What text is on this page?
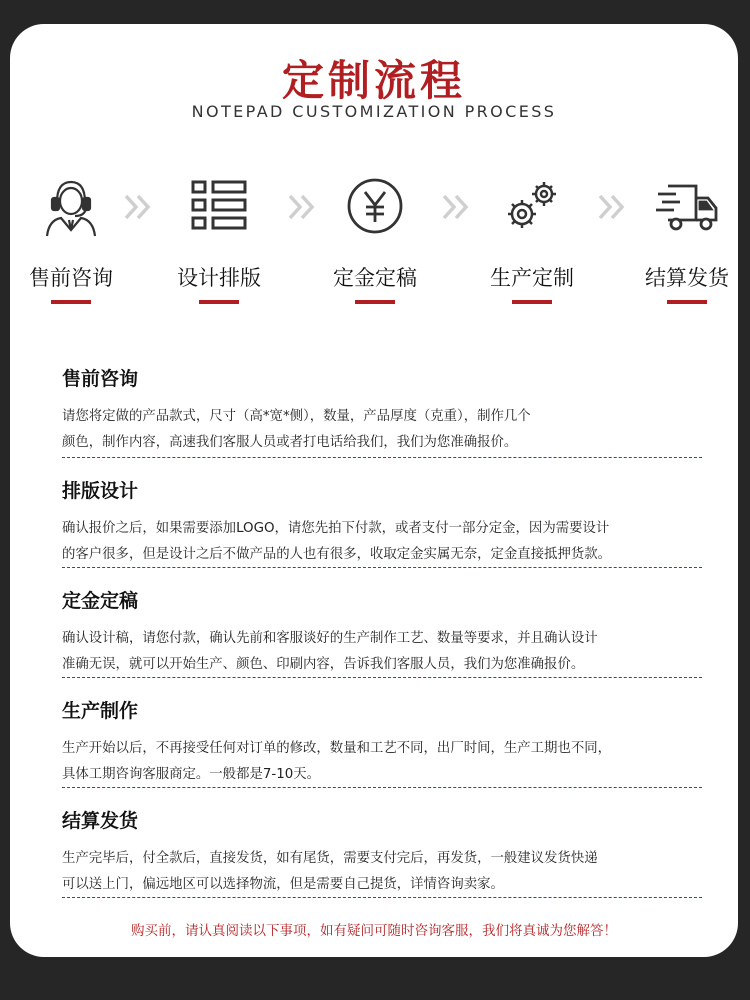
定制流程
NOTEPAD CUSTOMIZATION PROCESS
售前咨询	设计排版	定金定稿	生产定制	结算发货
售前咨询

请您将定做的产品款式，尺寸（高*宽*侧），数量，产品厚度（克重），制作几个

颜色，制作内容，高速我们客服人员或者打电话给我们，我们为您准确报价。

排版设计

确认报价之后，如果需要添加LOGO，请您先拍下付款，或者支付一部分定金，因为需要设计

的客户很多，但是设计之后不做产品的人也有很多，收取定金实属无奈，定金直接抵押货款。

定金定稿

确认设计稿，请您付款，确认先前和客服谈好的生产制作工艺、数量等要求，并且确认设计

准确无误，就可以开始生产、颜色、印刷内容，告诉我们客服人员，我们为您准确报价。

生产制作

生产开始以后，不再接受任何对订单的修改，数量和工艺不同，出厂时间，生产工期也不同，

具体工期咨询客服商定。一般都是7-10天。

结算发货

生产完毕后，付全款后，直接发货，如有尾货，需要支付完后，再发货，一般建议发货快递

可以送上门，偏远地区可以选择物流，但是需要自己提货，详情咨询卖家。

购买前，请认真阅读以下事项，如有疑问可随时咨询客服，我们将真诚为您解答！
